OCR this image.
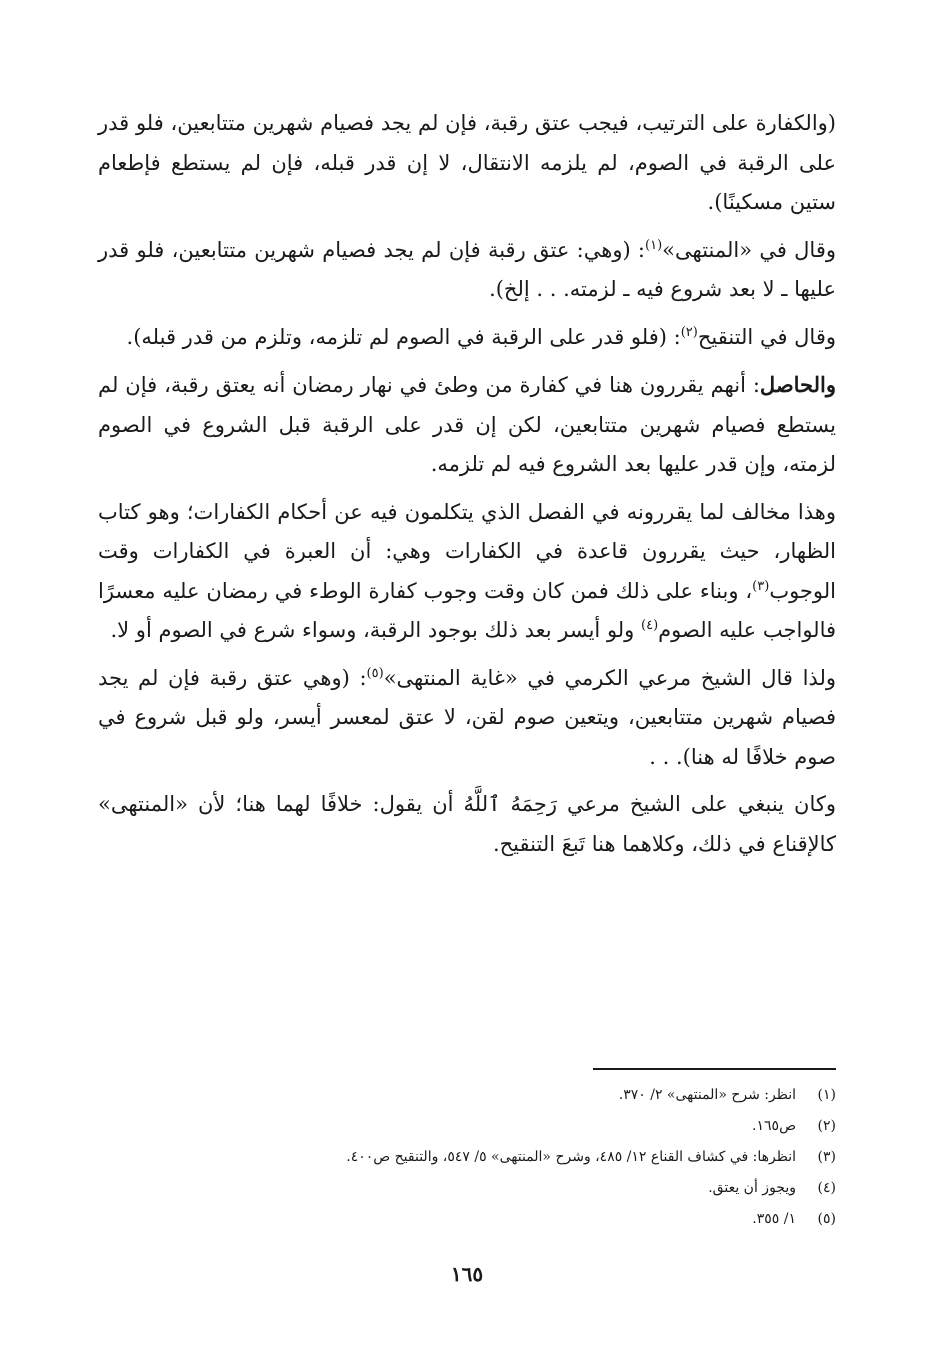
(والكفارة على الترتيب، فيجب عتق رقبة، فإن لم يجد فصيام شهرين متتابعين، فلو قدر على الرقبة في الصوم، لم يلزمه الانتقال، لا إن قدر قبله، فإن لم يستطع فإطعام ستين مسكينًا).

وقال في «المنتهى»$^{(١)}$: (وهي: عتق رقبة فإن لم يجد فصيام شهرين متتابعين، فلو قدر عليها ـ لا بعد شروع فيه ـ لزمته. . . إلخ).

وقال في التنقيح$^{(٢)}$: (فلو قدر على الرقبة في الصوم لم تلزمه، وتلزم من قدر قبله).

والحاصل: أنهم يقررون هنا في كفارة من وطئ في نهار رمضان أنه يعتق رقبة، فإن لم يستطع فصيام شهرين متتابعين، لكن إن قدر على الرقبة قبل الشروع في الصوم لزمته، وإن قدر عليها بعد الشروع فيه لم تلزمه.

وهذا مخالف لما يقررونه في الفصل الذي يتكلمون فيه عن أحكام الكفارات؛ وهو كتاب الظهار، حيث يقررون قاعدة في الكفارات وهي: أن العبرة في الكفارات وقت الوجوب$^{(٣)}$، وبناء على ذلك فمن كان وقت وجوب كفارة الوطء في رمضان عليه معسرًا فالواجب عليه الصوم$^{(٤)}$ ولو أيسر بعد ذلك بوجود الرقبة، وسواء شرع في الصوم أو لا.

ولذا قال الشيخ مرعي الكرمي في «غاية المنتهى»$^{(٥)}$: (وهي عتق رقبة فإن لم يجد فصيام شهرين متتابعين، ويتعين صوم لقن، لا عتق لمعسر أيسر، ولو قبل شروع في صوم خلافًا له هنا). . .

وكان ينبغي على الشيخ مرعي رَحِمَهُ ٱللَّهُ أن يقول: خلافًا لهما هنا؛ لأن «المنتهى» كالإقناع في ذلك، وكلاهما هنا تَبعَ التنقيح.

(١)
انظر: شرح «المنتهى» ٢/ ٣٧٠.
(٢)
ص١٦٥.
(٣)
انظرها: في كشاف القناع ١٢/ ٤٨٥، وشرح «المنتهى» ٥/ ٥٤٧، والتنقيح ص٤٠٠.
(٤)
ويجوز أن يعتق.
(٥)
١/ ٣٥٥.
١٦٥
